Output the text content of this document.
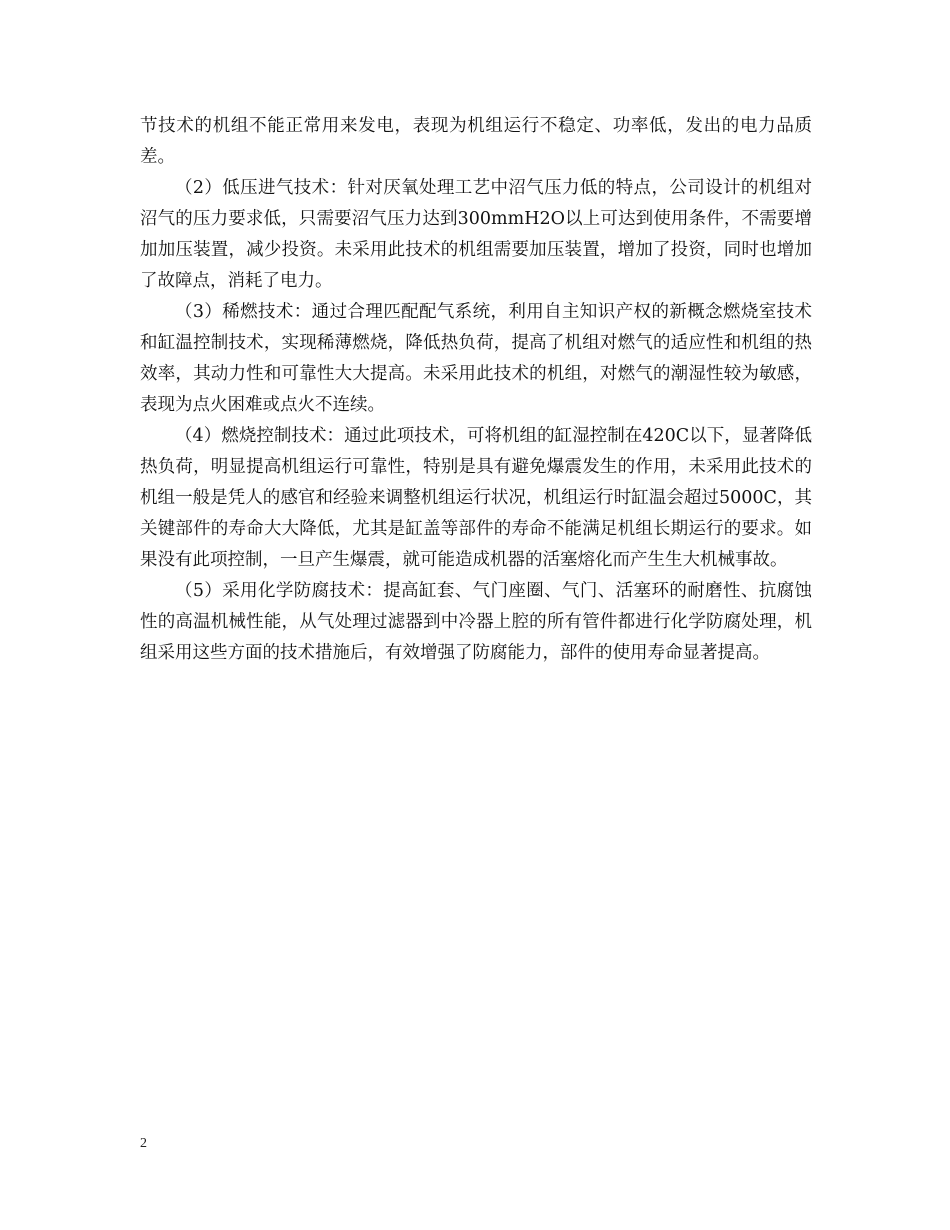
节技术的机组不能正常用来发电，表现为机组运行不稳定、功率低，发出的电力品质差。

（2）低压进气技术：针对厌氧处理工艺中沼气压力低的特点，公司设计的机组对沼气的压力要求低，只需要沼气压力达到300mmH2O以上可达到使用条件，不需要增加加压装置，减少投资。未采用此技术的机组需要加压装置，增加了投资，同时也增加了故障点，消耗了电力。

（3）稀燃技术：通过合理匹配配气系统，利用自主知识产权的新概念燃烧室技术和缸温控制技术，实现稀薄燃烧，降低热负荷，提高了机组对燃气的适应性和机组的热效率，其动力性和可靠性大大提高。未采用此技术的机组，对燃气的潮湿性较为敏感，表现为点火困难或点火不连续。

（4）燃烧控制技术：通过此项技术，可将机组的缸湿控制在420C以下，显著降低热负荷，明显提高机组运行可靠性，特别是具有避免爆震发生的作用，未采用此技术的机组一般是凭人的感官和经验来调整机组运行状况，机组运行时缸温会超过5000C，其关键部件的寿命大大降低，尤其是缸盖等部件的寿命不能满足机组长期运行的要求。如果没有此项控制，一旦产生爆震，就可能造成机器的活塞熔化而产生生大机械事故。

（5）采用化学防腐技术：提高缸套、气门座圈、气门、活塞环的耐磨性、抗腐蚀性的高温机械性能，从气处理过滤器到中冷器上腔的所有管件都进行化学防腐处理，机组采用这些方面的技术措施后，有效增强了防腐能力，部件的使用寿命显著提高。

2
